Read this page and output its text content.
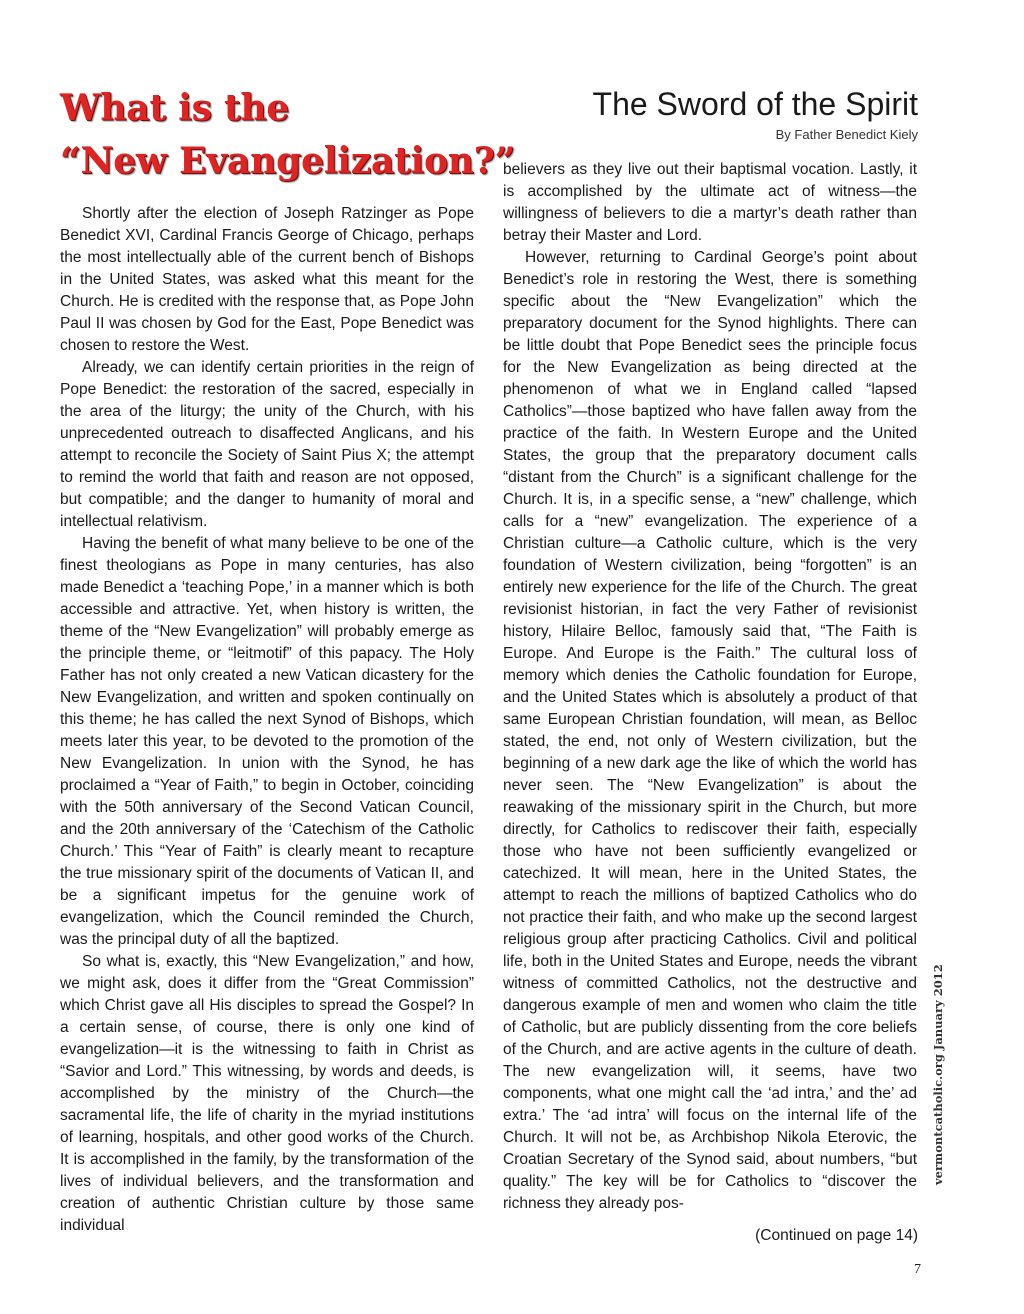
What is the
“New Evangelization?”
The Sword of the Spirit
By Father Benedict Kiely

Shortly after the election of Joseph Ratzinger as Pope Benedict XVI, Cardinal Francis George of Chicago, perhaps the most intellectually able of the current bench of Bishops in the United States, was asked what this meant for the Church. He is credited with the response that, as Pope John Paul II was chosen by God for the East, Pope Benedict was chosen to restore the West.

Already, we can identify certain priorities in the reign of Pope Benedict: the restoration of the sacred, especially in the area of the liturgy; the unity of the Church, with his unprecedented outreach to disaffected Anglicans, and his attempt to reconcile the Society of Saint Pius X; the attempt to remind the world that faith and reason are not opposed, but compatible; and the danger to humanity of moral and intellectual relativism.

Having the benefit of what many believe to be one of the finest theologians as Pope in many centuries, has also made Benedict a ‘teaching Pope,’ in a manner which is both accessible and attractive. Yet, when history is written, the theme of the “New Evangelization” will probably emerge as the principle theme, or “leitmotif” of this papacy. The Holy Father has not only created a new Vatican dicastery for the New Evangelization, and written and spoken continually on this theme; he has called the next Synod of Bishops, which meets later this year, to be devoted to the promotion of the New Evangelization. In union with the Synod, he has proclaimed a “Year of Faith,” to begin in October, coinciding with the 50th anniversary of the Second Vatican Council, and the 20th anniversary of the ‘Catechism of the Catholic Church.’ This “Year of Faith” is clearly meant to recapture the true missionary spirit of the documents of Vatican II, and be a significant impetus for the genuine work of evangelization, which the Council reminded the Church, was the principal duty of all the baptized.

So what is, exactly, this “New Evangelization,” and how, we might ask, does it differ from the “Great Commission” which Christ gave all His disciples to spread the Gospel? In a certain sense, of course, there is only one kind of evangelization—it is the witnessing to faith in Christ as “Savior and Lord.” This witnessing, by words and deeds, is accomplished by the ministry of the Church—the sacramental life, the life of charity in the myriad institutions of learning, hospitals, and other good works of the Church. It is accomplished in the family, by the transformation of the lives of individual believers, and the transformation and creation of authentic Christian culture by those same individual

believers as they live out their baptismal vocation. Lastly, it is accomplished by the ultimate act of witness—the willingness of believers to die a martyr’s death rather than betray their Master and Lord.

However, returning to Cardinal George’s point about Benedict’s role in restoring the West, there is something specific about the “New Evangelization” which the preparatory document for the Synod highlights. There can be little doubt that Pope Benedict sees the principle focus for the New Evangelization as being directed at the phenomenon of what we in England called “lapsed Catholics”—those baptized who have fallen away from the practice of the faith. In Western Europe and the United States, the group that the preparatory document calls “distant from the Church” is a significant challenge for the Church. It is, in a specific sense, a “new” challenge, which calls for a “new” evangelization. The experience of a Christian culture—a Catholic culture, which is the very foundation of Western civilization, being “forgotten” is an entirely new experience for the life of the Church. The great revisionist historian, in fact the very Father of revisionist history, Hilaire Belloc, famously said that, “The Faith is Europe. And Europe is the Faith.” The cultural loss of memory which denies the Catholic foundation for Europe, and the United States which is absolutely a product of that same European Christian foundation, will mean, as Belloc stated, the end, not only of Western civilization, but the beginning of a new dark age the like of which the world has never seen. The “New Evangelization” is about the reawaking of the missionary spirit in the Church, but more directly, for Catholics to rediscover their faith, especially those who have not been sufficiently evangelized or catechized. It will mean, here in the United States, the attempt to reach the millions of baptized Catholics who do not practice their faith, and who make up the second largest religious group after practicing Catholics. Civil and political life, both in the United States and Europe, needs the vibrant witness of committed Catholics, not the destructive and dangerous example of men and women who claim the title of Catholic, but are publicly dissenting from the core beliefs of the Church, and are active agents in the culture of death. The new evangelization will, it seems, have two components, what one might call the ‘ad intra,’ and the’ ad extra.’ The ‘ad intra’ will focus on the internal life of the Church. It will not be, as Archbishop Nikola Eterovic, the Croatian Secretary of the Synod said, about numbers, “but quality.” The key will be for Catholics to “discover the richness they already pos-

(Continued on page 14)
vermontcatholic.org January 2012
7
